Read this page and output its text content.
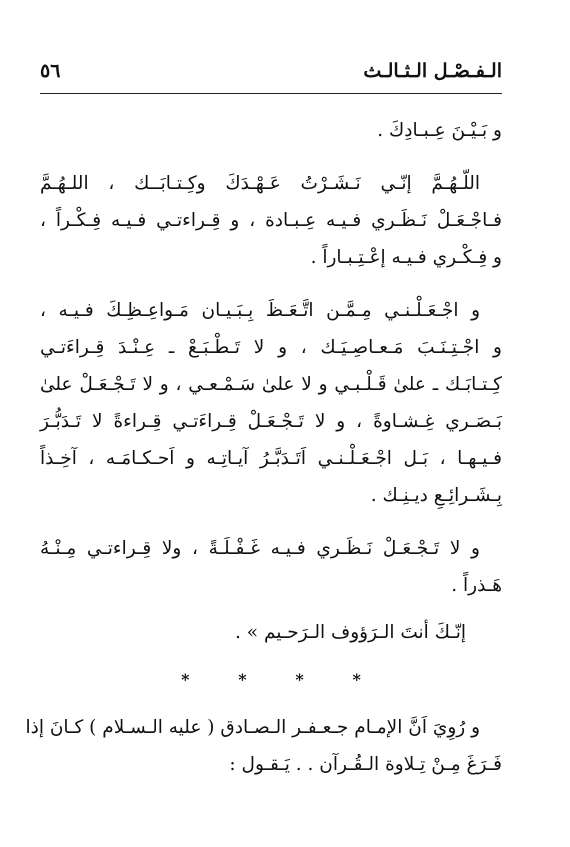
الـفـصْـل الـثـالـث
٥٦

و بَـيْـنَ عِـبـادِكَ .

اللّـهُـمَّ إنّـي نَـشَـرْتُ عَـهْـدَكَ وكِـتـابَــك ، اللـهُـمَّ
فـاجْـعَـلْ نَـظَـري فـيـه عِـبـادة ، و قِـراءتـي فـيـه فِـكْـراً ،
و فِـكْـري فـيـه إعْـتِـبـاراً .

و اجْـعَـلْـنـي مِـمَّـن اتَّـعَـظَ بِـبَـيـان مَـواعِـظِـكَ فـيـه ،
و اجْـتِـنَـبَ مَـعـاصِـيَـك ، و لا تَـطْـبَـعْ ـ عِـنْـدَ قِـراءَتـي
كِـتـابَـك ـ علىٰ قَـلْـبـي و لا علىٰ سَـمْـعـي ، و لا تَـجْـعَـلْ علىٰ
بَـصَـري غِـشـاوةً ، و لا تَـجْـعَـلْ قِـراءَتـي قِـراءةً لا تَـدَبُّـرَ
فـيـهـا ، بَـل اجْـعَـلْـنـي اَتَـدَبَّـرُ آيـاتِـه و اَحـكـامَـه ، آخِـذاً
بِـشَـرائِـعِ ديـنِـك .

و لا تَـجْـعَـلْ نَـظَـري فـيـه غَـفْـلَـةً ، ولا قِـراءتـي مِـنْـهُ
هَـذراً .

إنّـكَ أنتَ الـرَؤوف الـرَحـيم » .

*	*	*	*

و رُوِيَ اَنَّ الإمـام جـعـفـر الـصـادق ( عليه الـسـلام ) كـانَ إذا
فَـرَغَ مِـنْ تِـلاوة الـقُـرآن . . يَـقـول :
